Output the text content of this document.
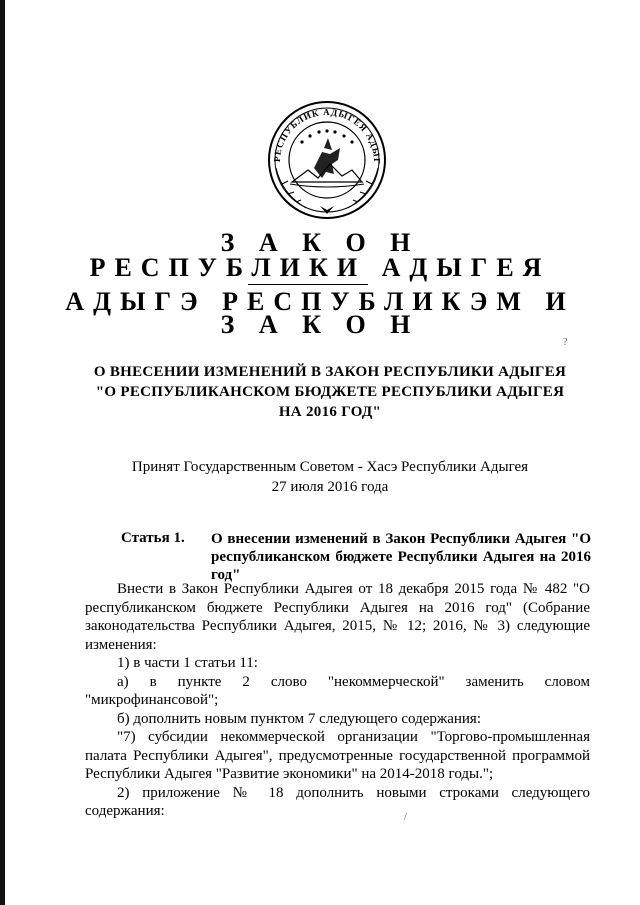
РЕСПУБЛИК АДЫГЕЯ АДЫГ
З А К О Н
РЕСПУБЛИКИ АДЫГЕЯ
АДЫГЭ РЕСПУБЛИКЭМ И
З А К О Н
?
О ВНЕСЕНИИ ИЗМЕНЕНИЙ В ЗАКОН РЕСПУБЛИКИ АДЫГЕЯ
"О РЕСПУБЛИКАНСКОМ БЮДЖЕТЕ РЕСПУБЛИКИ АДЫГЕЯ
НА 2016 ГОД"
Принят Государственным Советом - Хасэ Республики Адыгея
27 июля 2016 года
Статья 1. О внесении изменений в Закон Республики Адыгея "О республиканском бюджете Республики Адыгея на 2016 год"

Внести в Закон Республики Адыгея от 18 декабря 2015 года № 482 "О республиканском бюджете Республики Адыгея на 2016 год" (Собрание законодательства Республики Адыгея, 2015, № 12; 2016, № 3) следующие изменения:

1) в части 1 статьи 11:

а) в пункте 2 слово "некоммерческой" заменить словом "микрофинансовой";

б) дополнить новым пунктом 7 следующего содержания:

"7) субсидии некоммерческой организации "Торгово-промышленная палата Республики Адыгея", предусмотренные государственной программой Республики Адыгея "Развитие экономики" на 2014-2018 годы.";

2) приложение № 18 дополнить новыми строками следующего содержания:	/
